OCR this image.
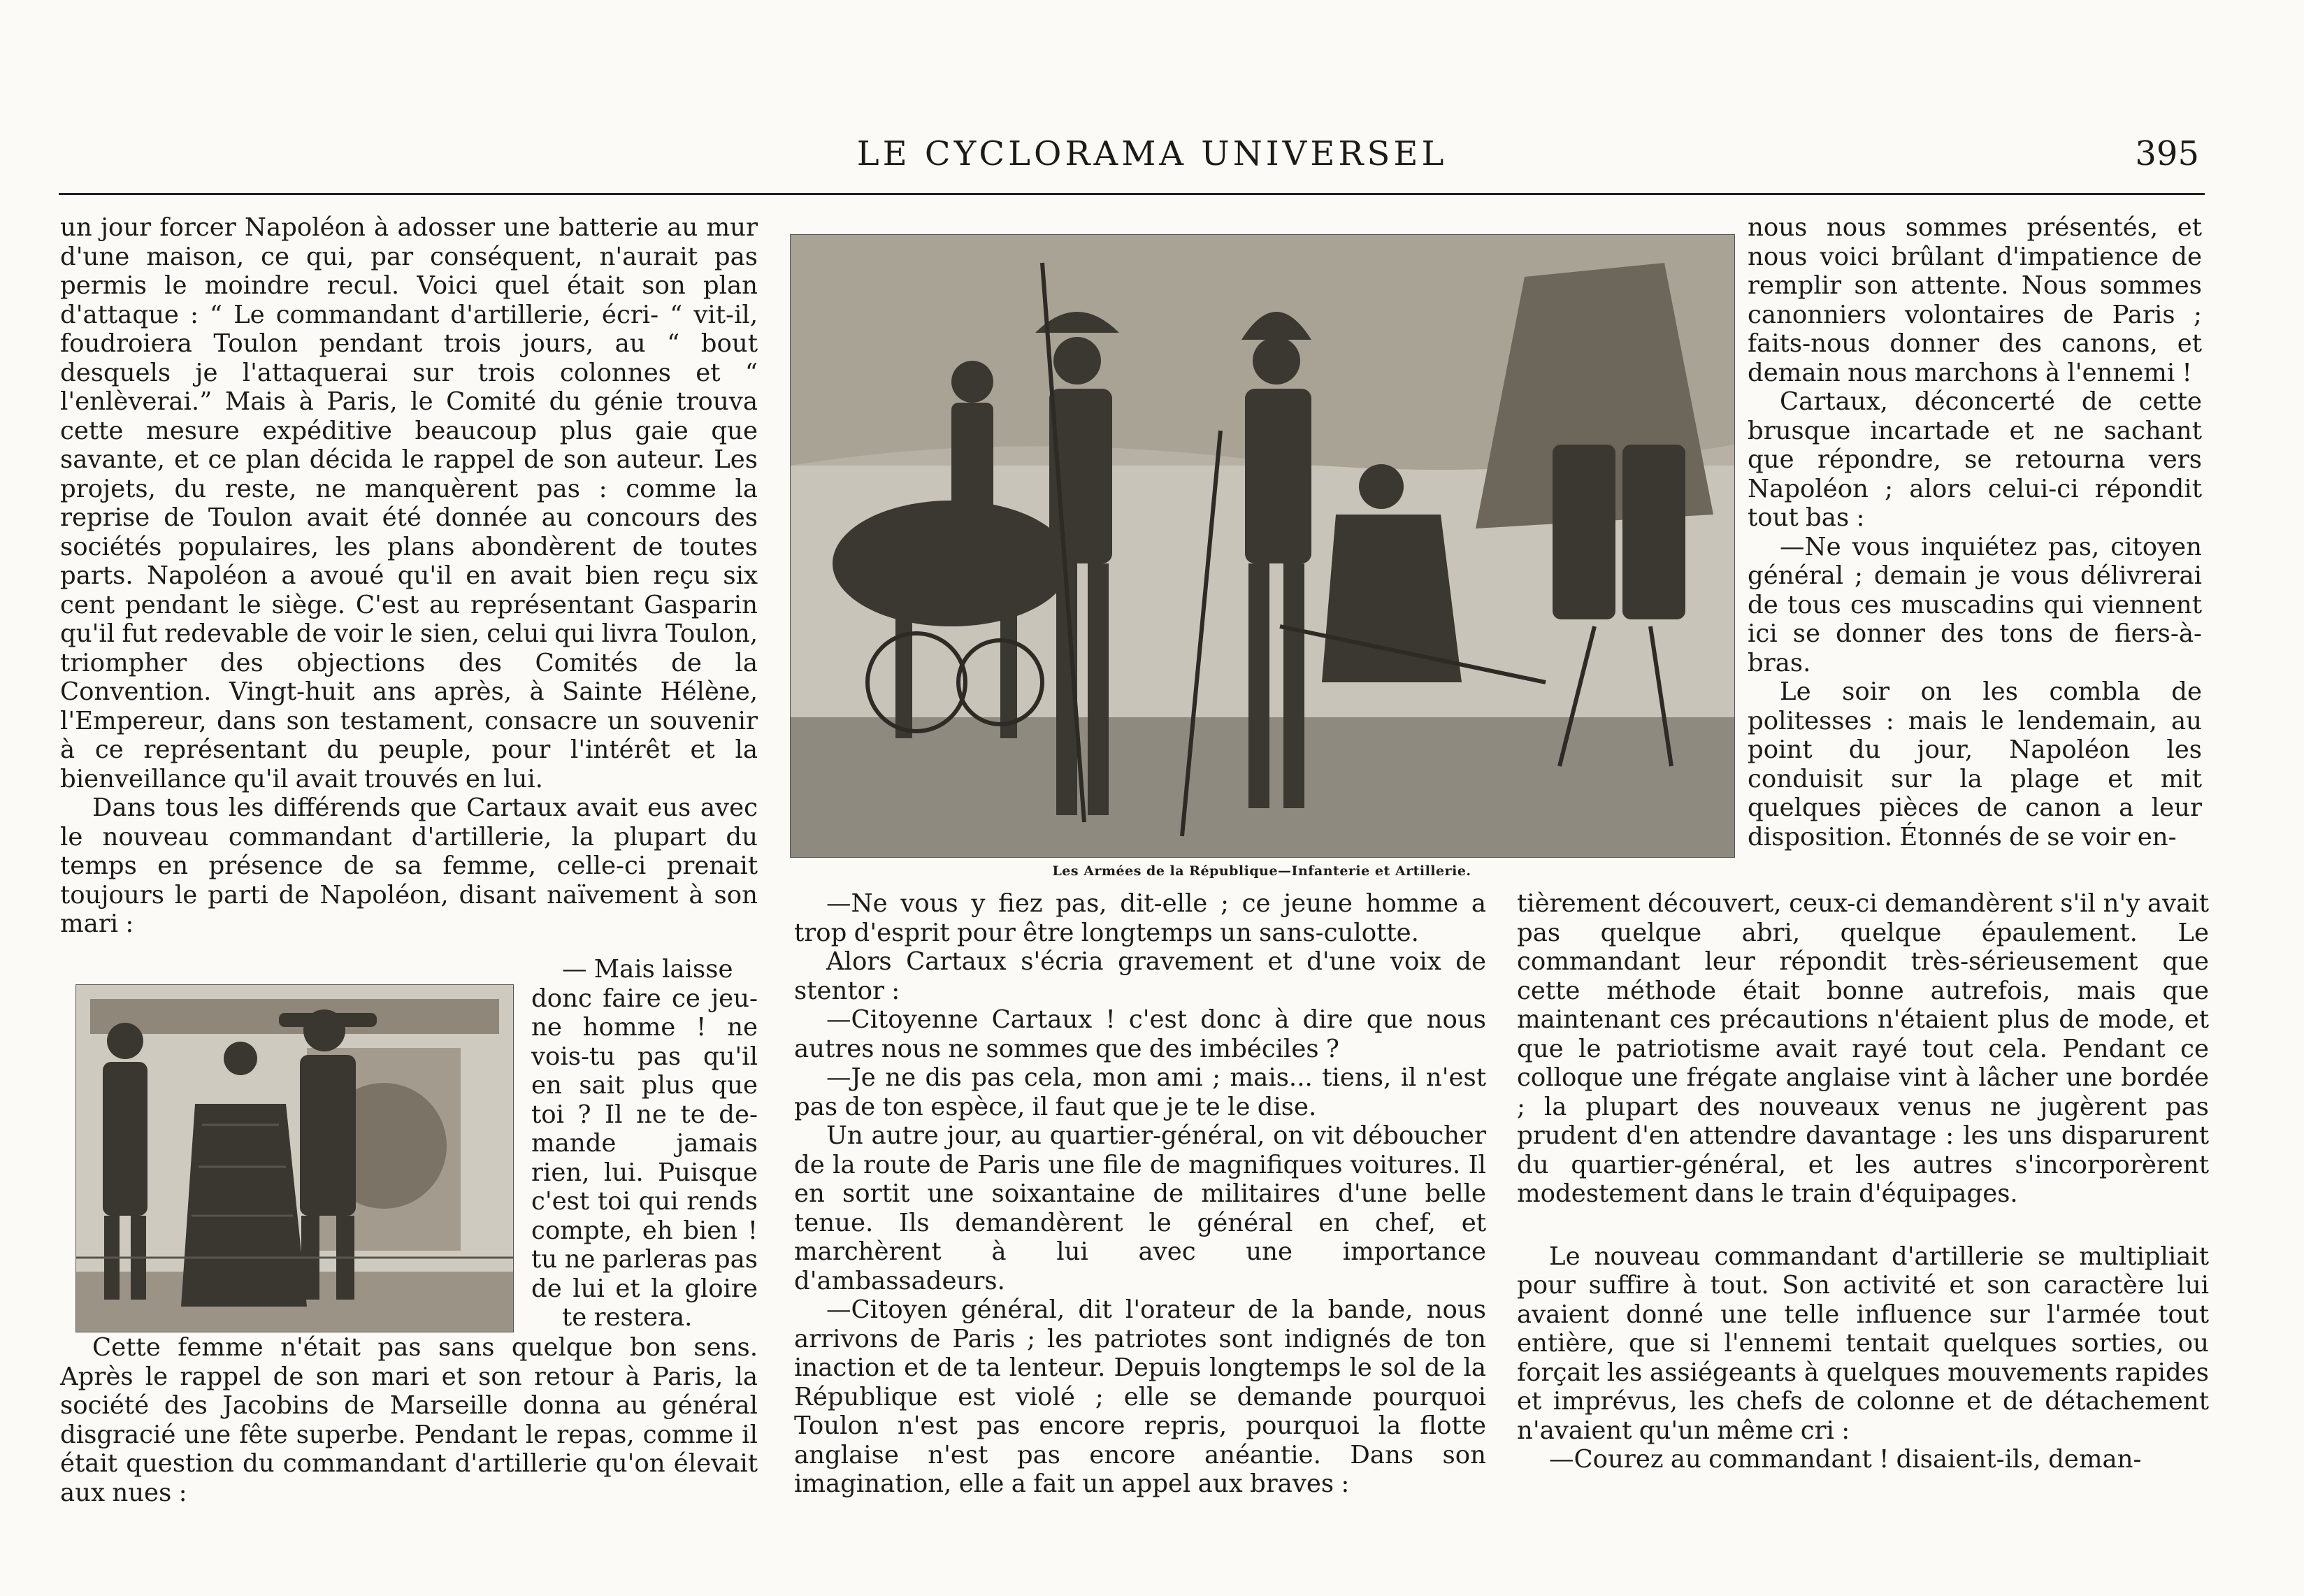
LE CYCLORAMA UNIVERSEL	395

un jour forcer Napoléon à adosser une batterie au mur d'une maison, ce qui, par conséquent, n'aurait pas permis le moindre recul. Voici quel était son plan d'attaque : “ Le commandant d'artillerie, écri- “ vit-il, foudroiera Toulon pendant trois jours, au “ bout desquels je l'attaquerai sur trois colonnes et “ l'enlèverai.” Mais à Paris, le Comité du génie trouva cette mesure expéditive beaucoup plus gaie que savante, et ce plan décida le rappel de son auteur. Les projets, du reste, ne manquèrent pas : comme la reprise de Toulon avait été donnée au concours des sociétés populaires, les plans abondèrent de toutes parts. Napoléon a avoué qu'il en avait bien reçu six cent pendant le siège. C'est au représentant Gasparin qu'il fut redevable de voir le sien, celui qui livra Toulon, triompher des objections des Comités de la Convention. Vingt-huit ans après, à Sainte Hélène, l'Empereur, dans son testament, consacre un souvenir à ce représentant du peuple, pour l'intérêt et la bienveillance qu'il avait trouvés en lui.

Dans tous les différends que Cartaux avait eus avec le nouveau commandant d'artillerie, la plupart du temps en présence de sa femme, celle-ci prenait toujours le parti de Napoléon, disant naïvement à son mari :

— Mais laisse
donc faire ce jeu-
ne homme ! ne
vois-tu pas qu'il
en sait plus que
toi ? Il ne te de-
mande jamais
rien, lui. Puisque
c'est toi qui rends
compte, eh bien !
tu ne parleras pas
de lui et la gloire
te restera.

Cette femme n'était pas sans quelque bon sens. Après le rappel de son mari et son retour à Paris, la société des Jacobins de Marseille donna au général disgracié une fête superbe. Pendant le repas, comme il était question du commandant d'artillerie qu'on élevait aux nues :

Les Armées de la République—Infanterie et Artillerie.

—Ne vous y fiez pas, dit-elle ; ce jeune homme a trop d'esprit pour être longtemps un sans-culotte.

Alors Cartaux s'écria gravement et d'une voix de stentor :

—Citoyenne Cartaux ! c'est donc à dire que nous autres nous ne sommes que des imbéciles ?

—Je ne dis pas cela, mon ami ; mais... tiens, il n'est pas de ton espèce, il faut que je te le dise.

Un autre jour, au quartier-général, on vit déboucher de la route de Paris une file de magnifiques voitures. Il en sortit une soixantaine de militaires d'une belle tenue. Ils demandèrent le général en chef, et marchèrent à lui avec une importance d'ambassadeurs.

—Citoyen général, dit l'orateur de la bande, nous arrivons de Paris ; les patriotes sont indignés de ton inaction et de ta lenteur. Depuis longtemps le sol de la République est violé ; elle se demande pourquoi Toulon n'est pas encore repris, pourquoi la flotte anglaise n'est pas encore anéantie. Dans son imagination, elle a fait un appel aux braves :

nous nous sommes présentés, et nous voici brûlant d'impatience de remplir son attente. Nous sommes canonniers volontaires de Paris ; faits-nous donner des canons, et demain nous marchons à l'ennemi !

Cartaux, déconcerté de cette brusque incartade et ne sachant que répondre, se retourna vers Napoléon ; alors celui-ci répondit tout bas :

—Ne vous inquiétez pas, citoyen général ; demain je vous délivrerai de tous ces muscadins qui viennent ici se donner des tons de fiers-à-bras.

Le soir on les combla de politesses : mais le lendemain, au point du jour, Napoléon les conduisit sur la plage et mit quelques pièces de canon a leur disposition. Étonnés de se voir en-

tièrement découvert, ceux-ci demandèrent s'il n'y avait pas quelque abri, quelque épaulement. Le commandant leur répondit très-sérieusement que cette méthode était bonne autrefois, mais que maintenant ces précautions n'étaient plus de mode, et que le patriotisme avait rayé tout cela. Pendant ce colloque une frégate anglaise vint à lâcher une bordée ; la plupart des nouveaux venus ne jugèrent pas prudent d'en attendre davantage : les uns disparurent du quartier-général, et les autres s'incorporèrent modestement dans le train d'équipages.

Le nouveau commandant d'artillerie se multipliait pour suffire à tout. Son activité et son caractère lui avaient donné une telle influence sur l'armée tout entière, que si l'ennemi tentait quelques sorties, ou forçait les assiégeants à quelques mouvements rapides et imprévus, les chefs de colonne et de détachement n'avaient qu'un même cri :

—Courez au commandant ! disaient-ils, deman-
